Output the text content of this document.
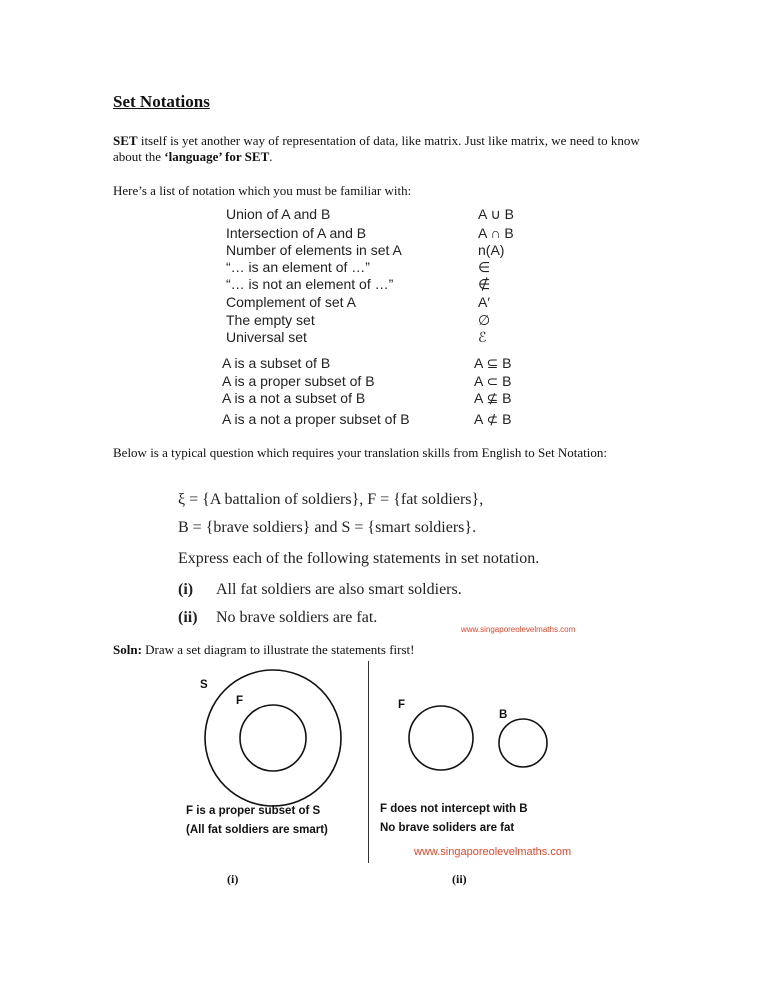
Set Notations
SET itself is yet another way of representation of data, like matrix. Just like matrix, we need to know about the ‘language’ for SET.
Here’s a list of notation which you must be familiar with:
Union of A and B	A ∪ B
Intersection of A and B	A ∩ B
Number of elements in set A	n(A)
“… is an element of …”	∈
“… is not an element of …”	∉
Complement of set A	A′
The empty set	∅
Universal set	ℰ
A is a subset of B	A ⊆ B
A is a proper subset of B	A ⊂ B
A is a not a subset of B	A ⊈ B
A is a not a proper subset of B	A ⊄ B
Below is a typical question which requires your translation skills from English to Set Notation:
ξ = {A battalion of soldiers}, F = {fat soldiers},
B = {brave soldiers} and S = {smart soldiers}.
Express each of the following statements in set notation.
(i) All fat soldiers are also smart soldiers.
(ii) No brave soldiers are fat.
www.singaporeolevelmaths.com
Soln: Draw a set diagram to illustrate the statements first!
S
F
F is a proper subset of S
(All fat soldiers are smart)
F
B
F does not intercept with B
No brave soliders are fat
www.singaporeolevelmaths.com
(i)	(ii)
